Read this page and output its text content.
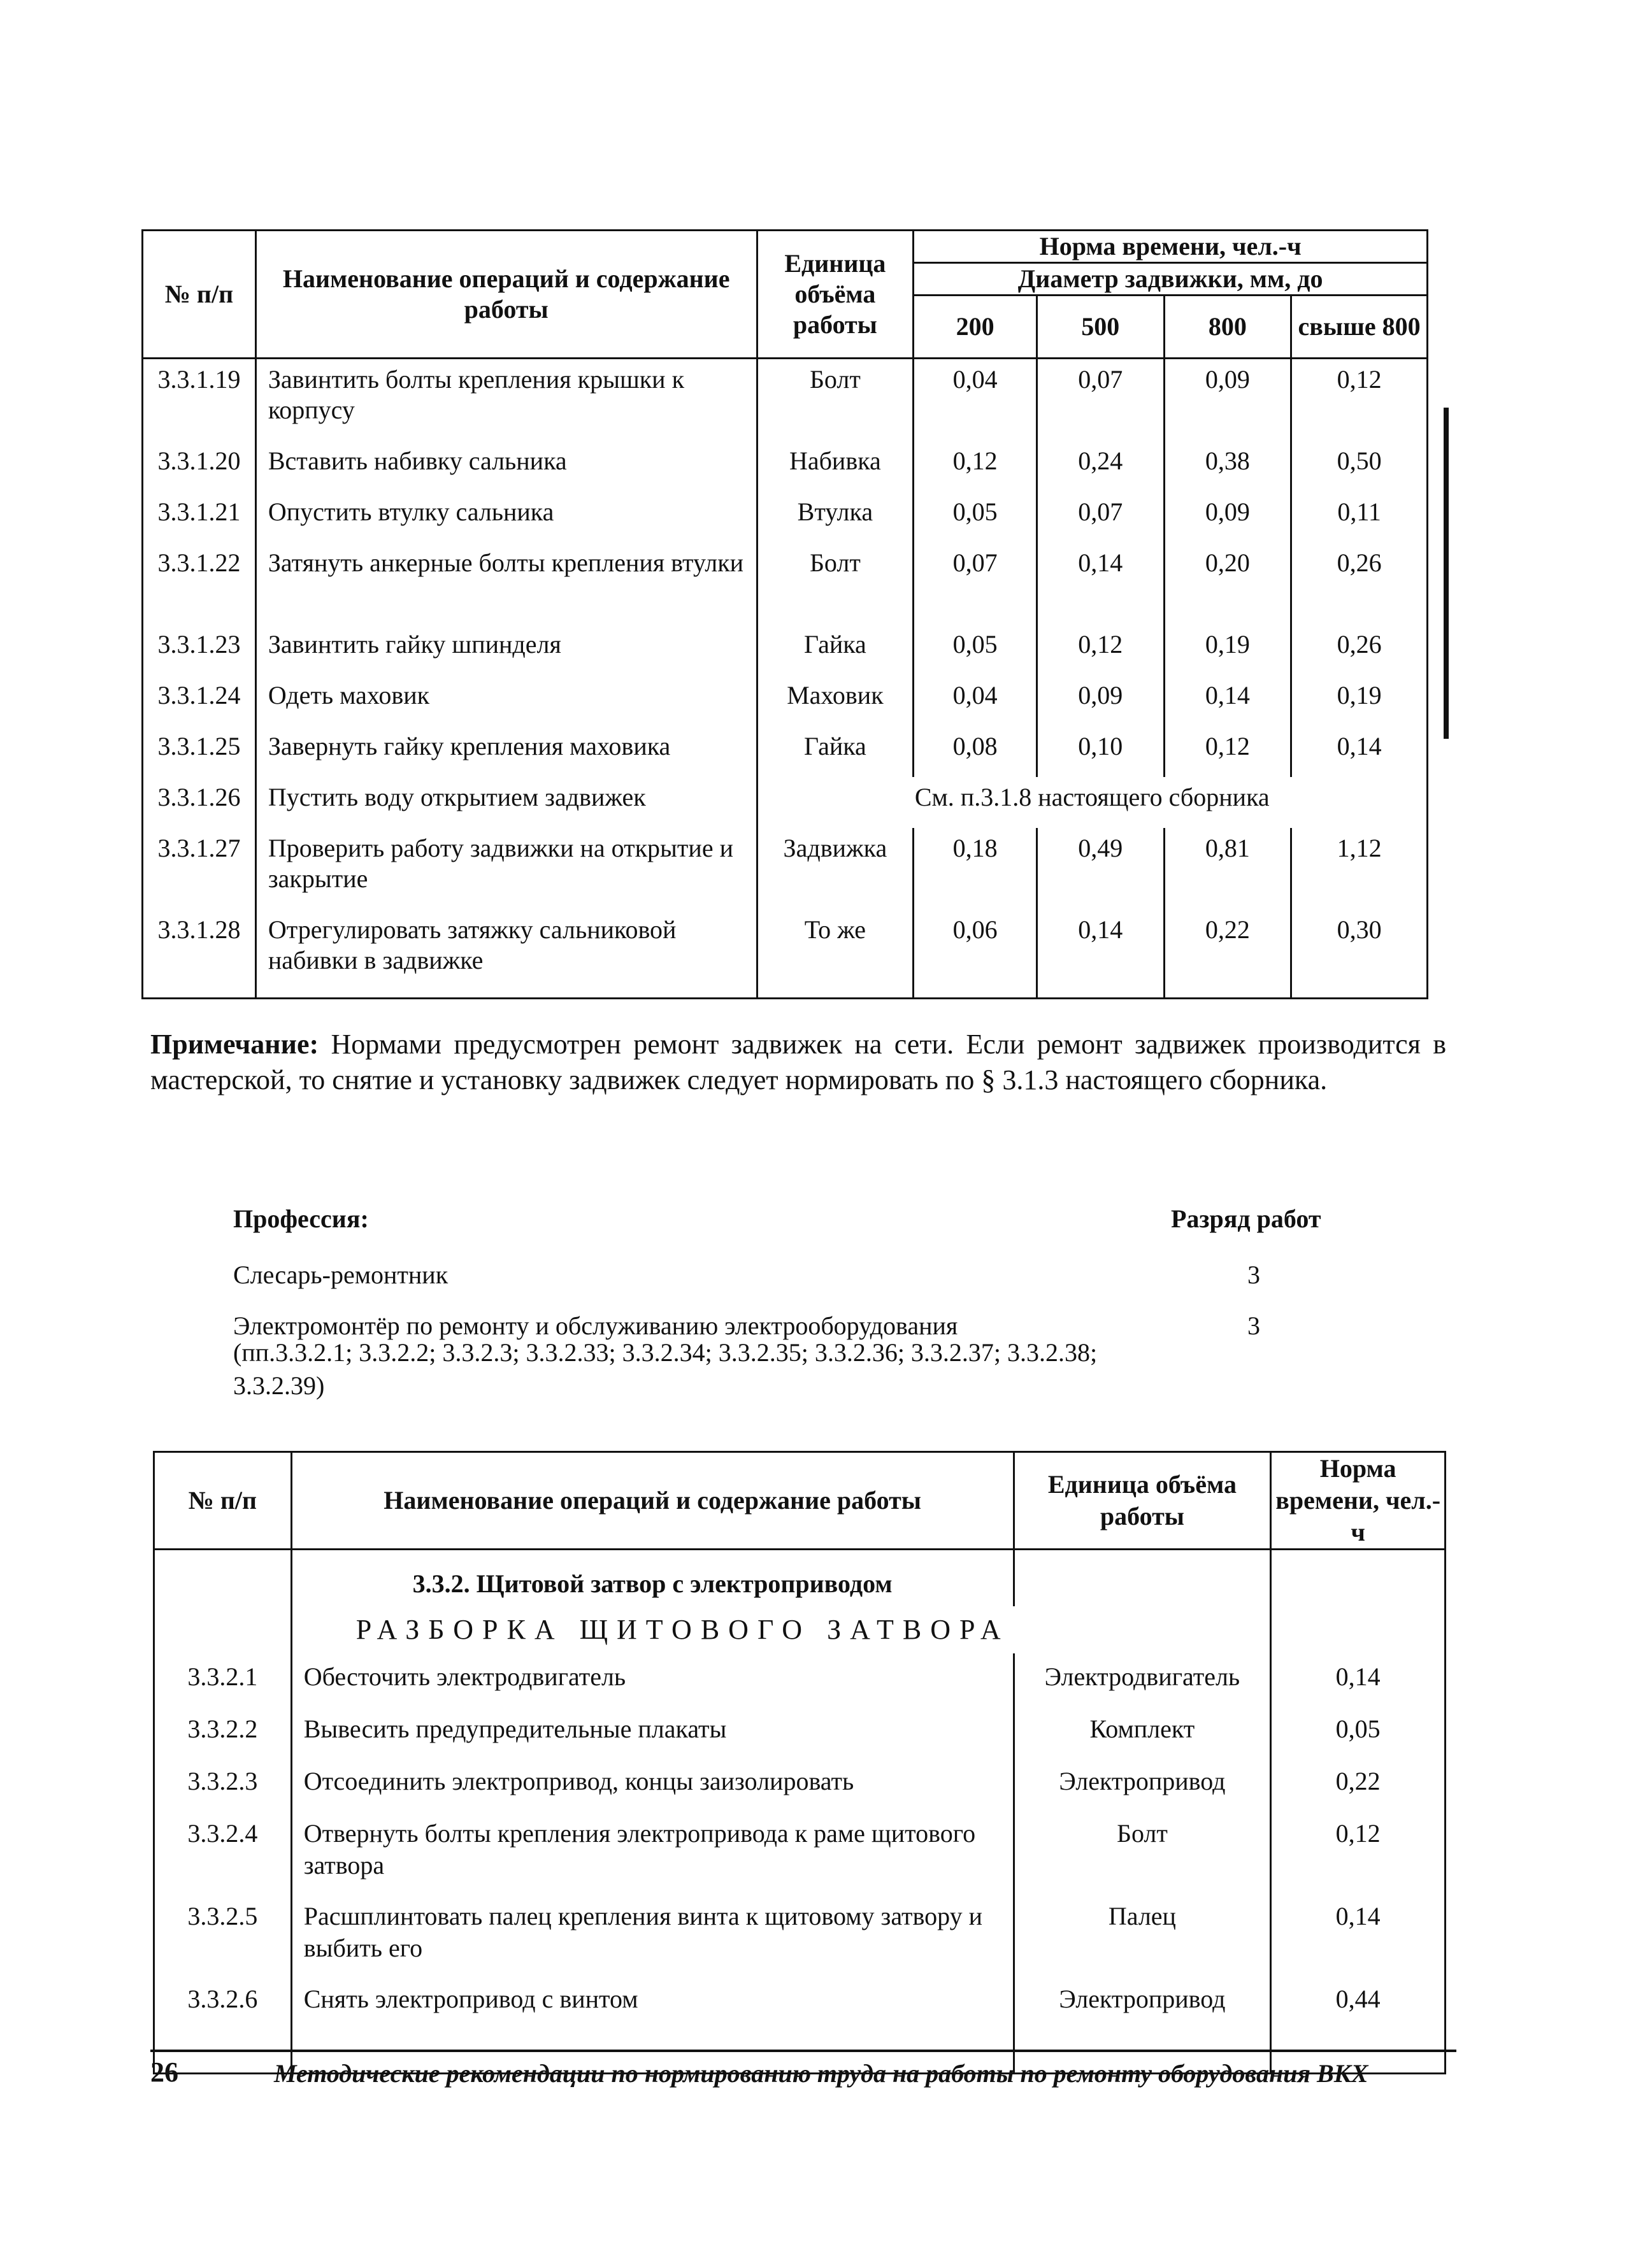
№ п/п	Наименование операций и содержание работы	Единица объёма работы	Норма времени, чел.-ч			
			Диаметр задвижки, мм, до			
			200	500	800	свыше 800
3.3.1.19	Завинтить болты крепления крышки к корпусу	Болт	0,04	0,07	0,09	0,12
3.3.1.20	Вставить набивку сальника	Набивка	0,12	0,24	0,38	0,50
3.3.1.21	Опустить втулку сальника	Втулка	0,05	0,07	0,09	0,11
3.3.1.22	Затянуть анкерные болты крепления втулки	Болт	0,07	0,14	0,20	0,26
3.3.1.23	Завинтить гайку шпинделя	Гайка	0,05	0,12	0,19	0,26
3.3.1.24	Одеть маховик	Маховик	0,04	0,09	0,14	0,19
3.3.1.25	Завернуть гайку крепления маховика	Гайка	0,08	0,10	0,12	0,14
3.3.1.26	Пустить воду открытием задвижек	См. п.3.1.8 настоящего сборника				
3.3.1.27	Проверить работу задвижки на открытие и закрытие	Задвижка	0,18	0,49	0,81	1,12
3.3.1.28	Отрегулировать затяжку сальниковой набивки в задвижке	То же	0,06	0,14	0,22	0,30
Примечание: Нормами предусмотрен ремонт задвижек на сети. Если ремонт задвижек производится в мастерской, то снятие и установку задвижек следует нормировать по § 3.1.3 настоящего сборника.
Профессия:	Разряд работ
Слесарь-ремонтник	3
Электромонтёр по ремонту и обслуживанию электрооборудования	3
(пп.3.3.2.1; 3.3.2.2; 3.3.2.3; 3.3.2.33; 3.3.2.34; 3.3.2.35; 3.3.2.36; 3.3.2.37; 3.3.2.38; 3.3.2.39)
№ п/п	Наименование операций и содержание работы	Единица объёма работы	Норма времени, чел.-ч
	3.3.2. Щитовой затвор с электроприводом		
	РАЗБОРКА ЩИТОВОГО ЗАТВОРА		
3.3.2.1	Обесточить электродвигатель	Электродвигатель	0,14
3.3.2.2	Вывесить предупредительные плакаты	Комплект	0,05
3.3.2.3	Отсоединить электропривод, концы заизолировать	Электропривод	0,22
3.3.2.4	Отвернуть болты крепления электропривода к раме щитового затвора	Болт	0,12
3.3.2.5	Расшплинтовать палец крепления винта к щитовому затвору и выбить его	Палец	0,14
3.3.2.6	Снять электропривод с винтом	Электропривод	0,44
26	Методические рекомендации по нормированию труда на работы по ремонту оборудования ВКХ
